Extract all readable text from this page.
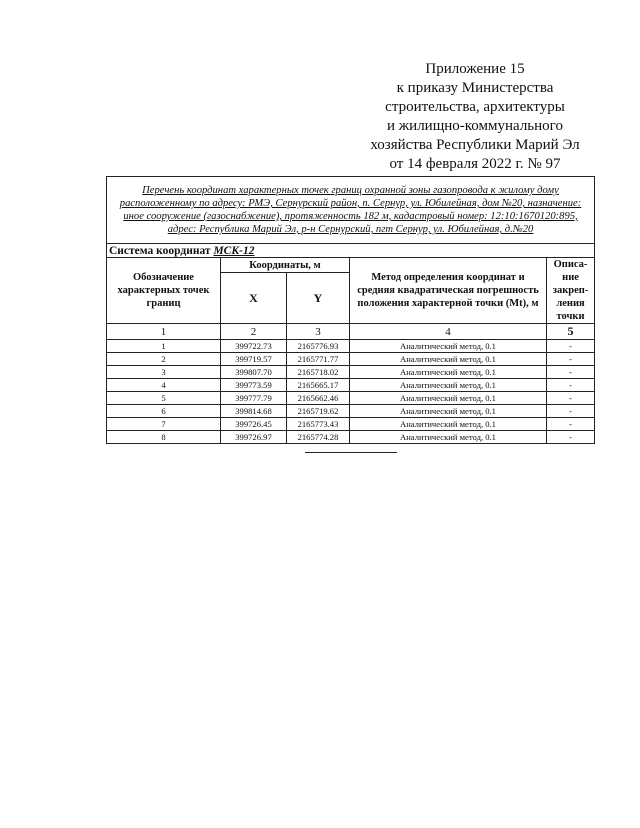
Приложение 15
к приказу Министерства
строительства, архитектуры
и жилищно-коммунального
хозяйства Республики Марий Эл
от 14 февраля 2022 г. № 97
Перечень координат характерных точек границ охранной зоны газопровода к жилому дому расположенному по адресу: РМЭ, Сернурский район, п. Сернур, ул. Юбилейная, дом №20, назначение: иное сооружение (газоснабжение), протяженность 182 м, кадастровый номер: 12:10:1670120:895, адрес: Республика Марий Эл, р-н Сернурский, пгт Сернур, ул. Юбилейная, д.№20				
Система координат МСК-12				
Обозначение характерных точек границ	Координаты, м		Метод определения координат и средняя квадратическая погрешность положения характерной точки (Mt), м	Описа-ние закреп-ления точки
	X	Y		
1	2	3	4	5
1	399722.73	2165776.93	Аналитический метод, 0.1	-
2	399719.57	2165771.77	Аналитический метод, 0.1	-
3	399807.70	2165718.02	Аналитический метод, 0.1	-
4	399773.59	2165665.17	Аналитический метод, 0.1	-
5	399777.79	2165662.46	Аналитический метод, 0.1	-
6	399814.68	2165719.62	Аналитический метод, 0.1	-
7	399726.45	2165773.43	Аналитический метод, 0.1	-
8	399726.97	2165774.28	Аналитический метод, 0.1	-
